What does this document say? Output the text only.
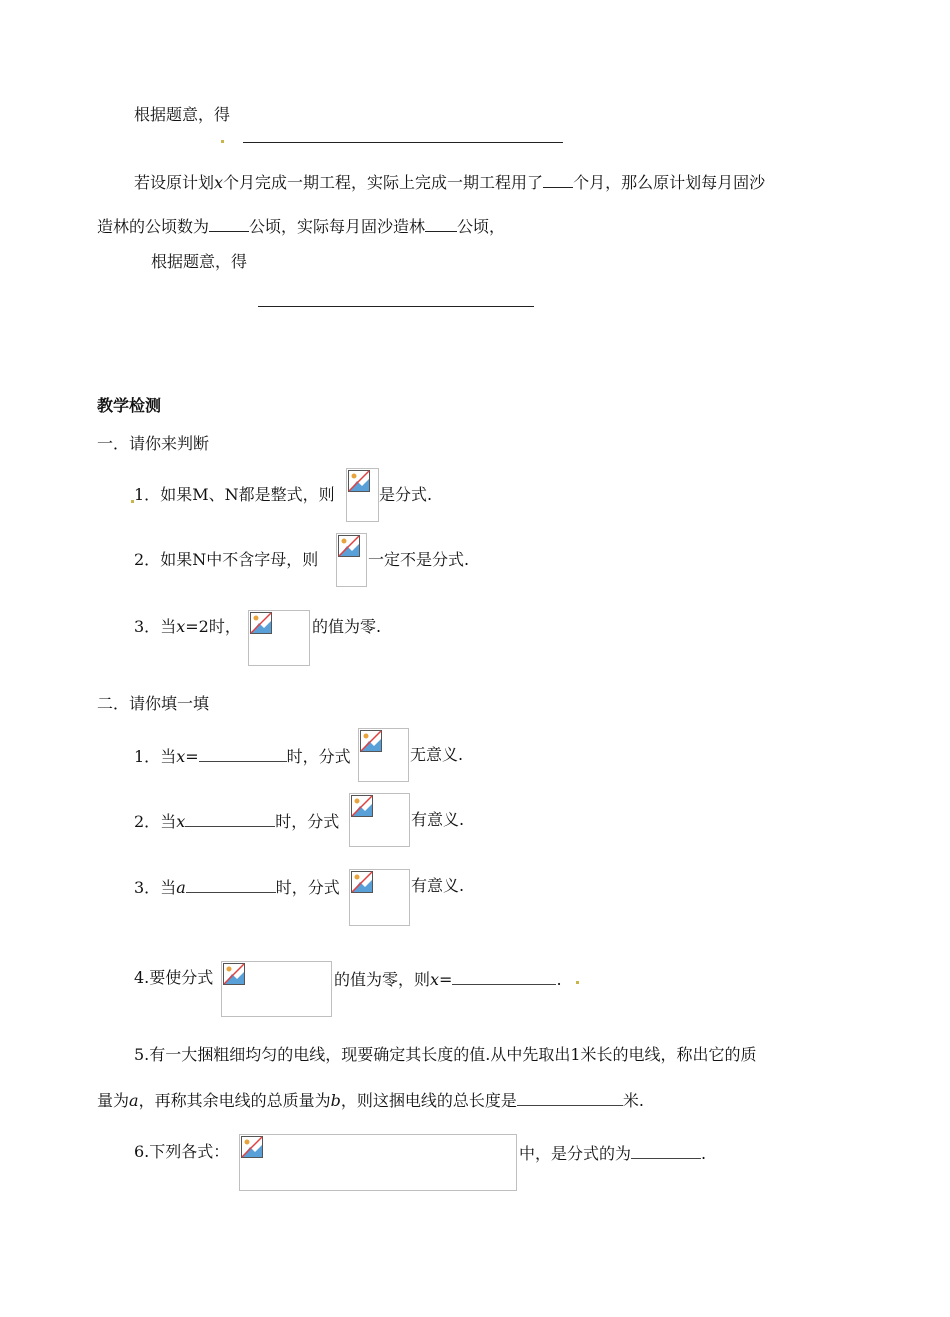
根据题意，得
若设原计划x个月完成一期工程，实际上完成一期工程用了 个月，那么原计划每月固沙
造林的公顷数为	公顷，实际每月固沙造林 公顷，
根据题意，得
教学检测
一．请你来判断
1．如果M、N都是整式，则	是分式.
2．如果N中不含字母，则	一定不是分式.
3．当x=2时，	的值为零.
二．请你填一填
1．当x=	时，分式	无意义.
2．当x	时，分式	有意义.
3．当a	时，分式	有意义.
4.要使分式	的值为零，则x=	.
5.有一大捆粗细均匀的电线，现要确定其长度的值.从中先取出1米长的电线，称出它的质
量为a，再称其余电线的总质量为b，则这捆电线的总长度是	米.
6.下列各式：	中，是分式的为	.
